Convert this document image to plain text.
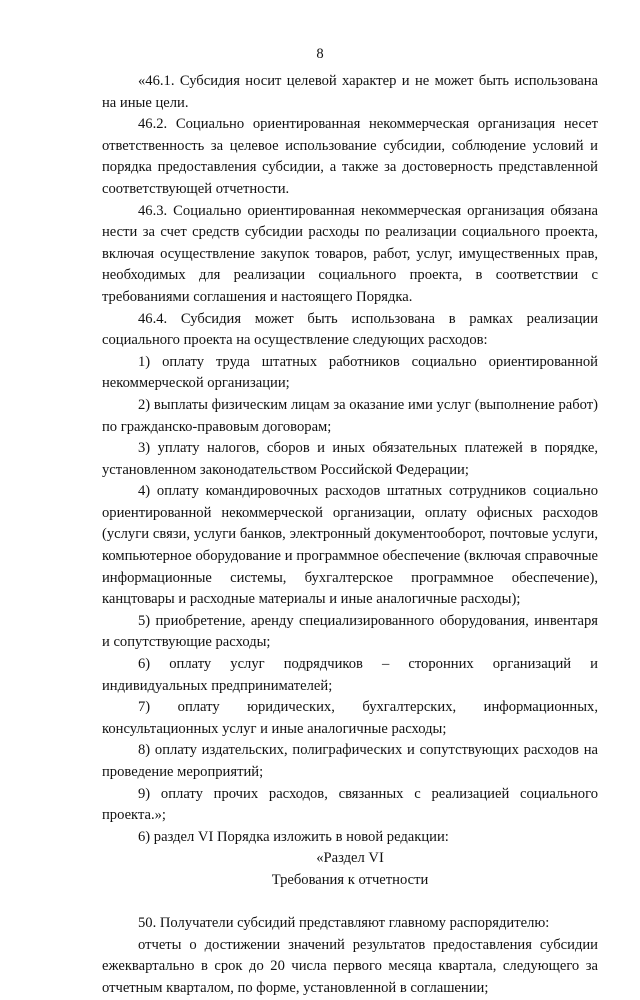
8

«46.1. Субсидия носит целевой характер и не может быть использована на иные цели.

46.2. Социально ориентированная некоммерческая организация несет ответственность за целевое использование субсидии, соблюдение условий и порядка предоставления субсидии, а также за достоверность представленной соответствующей отчетности.

46.3. Социально ориентированная некоммерческая организация обязана нести за счет средств субсидии расходы по реализации социального проекта, включая осуществление закупок товаров, работ, услуг, имущественных прав, необходимых для реализации социального проекта, в соответствии с требованиями соглашения и настоящего Порядка.

46.4. Субсидия может быть использована в рамках реализации социального проекта на осуществление следующих расходов:

1) оплату труда штатных работников социально ориентированной некоммерческой организации;

2) выплаты физическим лицам за оказание ими услуг (выполнение работ) по гражданско-правовым договорам;

3) уплату налогов, сборов и иных обязательных платежей в порядке, установленном законодательством Российской Федерации;

4) оплату командировочных расходов штатных сотрудников социально ориентированной некоммерческой организации, оплату офисных расходов (услуги связи, услуги банков, электронный документооборот, почтовые услуги, компьютерное оборудование и программное обеспечение (включая справочные информационные системы, бухгалтерское программное обеспечение), канцтовары и расходные материалы и иные аналогичные расходы);

5) приобретение, аренду специализированного оборудования, инвентаря и сопутствующие расходы;

6) оплату услуг подрядчиков – сторонних организаций и индивидуальных предпринимателей;

7) оплату юридических, бухгалтерских, информационных, консультационных услуг и иные аналогичные расходы;

8) оплату издательских, полиграфических и сопутствующих расходов на проведение мероприятий;

9) оплату прочих расходов, связанных с реализацией социального проекта.»;

6) раздел VI Порядка изложить в новой редакции:

«Раздел VI

Требования к отчетности

50. Получатели субсидий представляют главному распорядителю:

отчеты о достижении значений результатов предоставления субсидии ежеквартально в срок до 20 числа первого месяца квартала, следующего за отчетным кварталом, по форме, установленной в соглашении;
